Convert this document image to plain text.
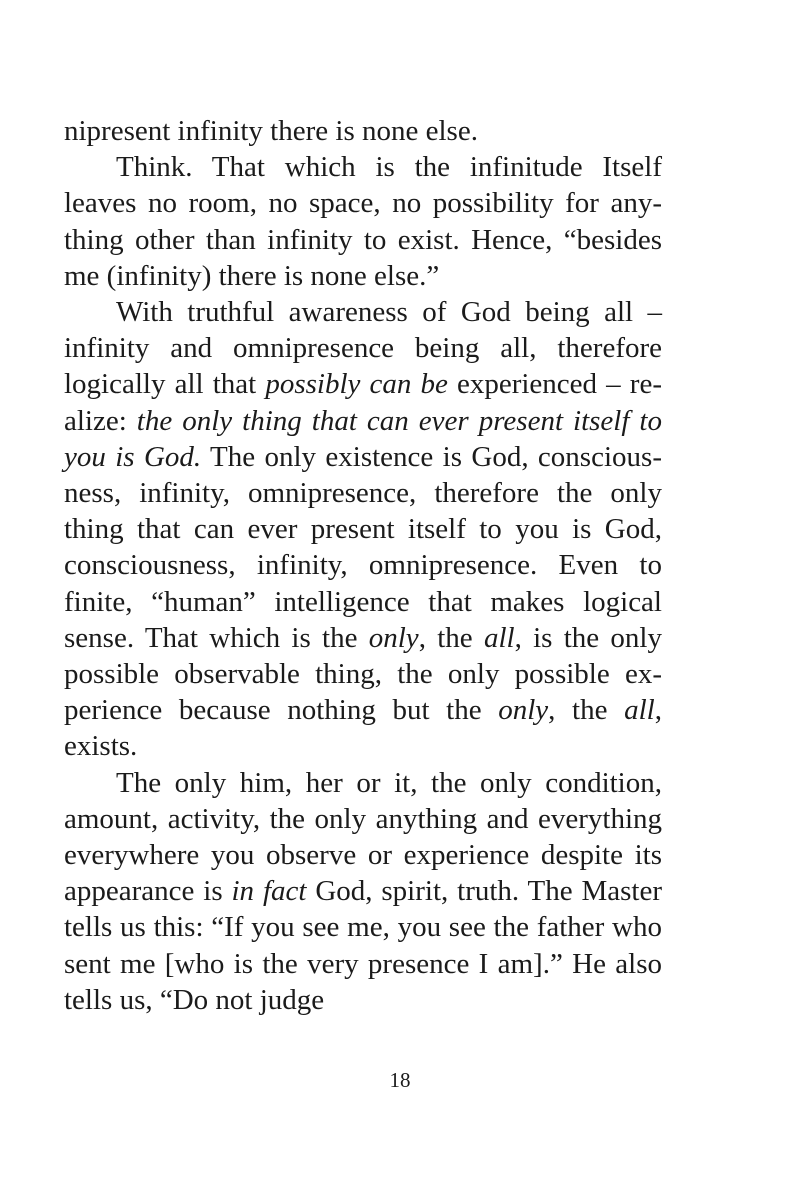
nipresent infinity there is none else.

Think. That which is the infinitude Itself leaves no room, no space, no possibility for anything other than infinity to exist. Hence, “besides me (infinity) there is none else.”

With truthful awareness of God being all – infinity and omnipresence being all, therefore logically all that possibly can be experienced – realize: the only thing that can ever present itself to you is God. The only existence is God, consciousness, infinity, omnipresence, therefore the only thing that can ever present itself to you is God, consciousness, infinity, omnipresence. Even to finite, “human” intelligence that makes logical sense. That which is the only, the all, is the only possible observable thing, the only possible experience because nothing but the only, the all, exists.

The only him, her or it, the only condition, amount, activity, the only anything and everything everywhere you observe or experience despite its appearance is in fact God, spirit, truth. The Master tells us this: “If you see me, you see the father who sent me [who is the very presence I am].” He also tells us, “Do not judge

18
